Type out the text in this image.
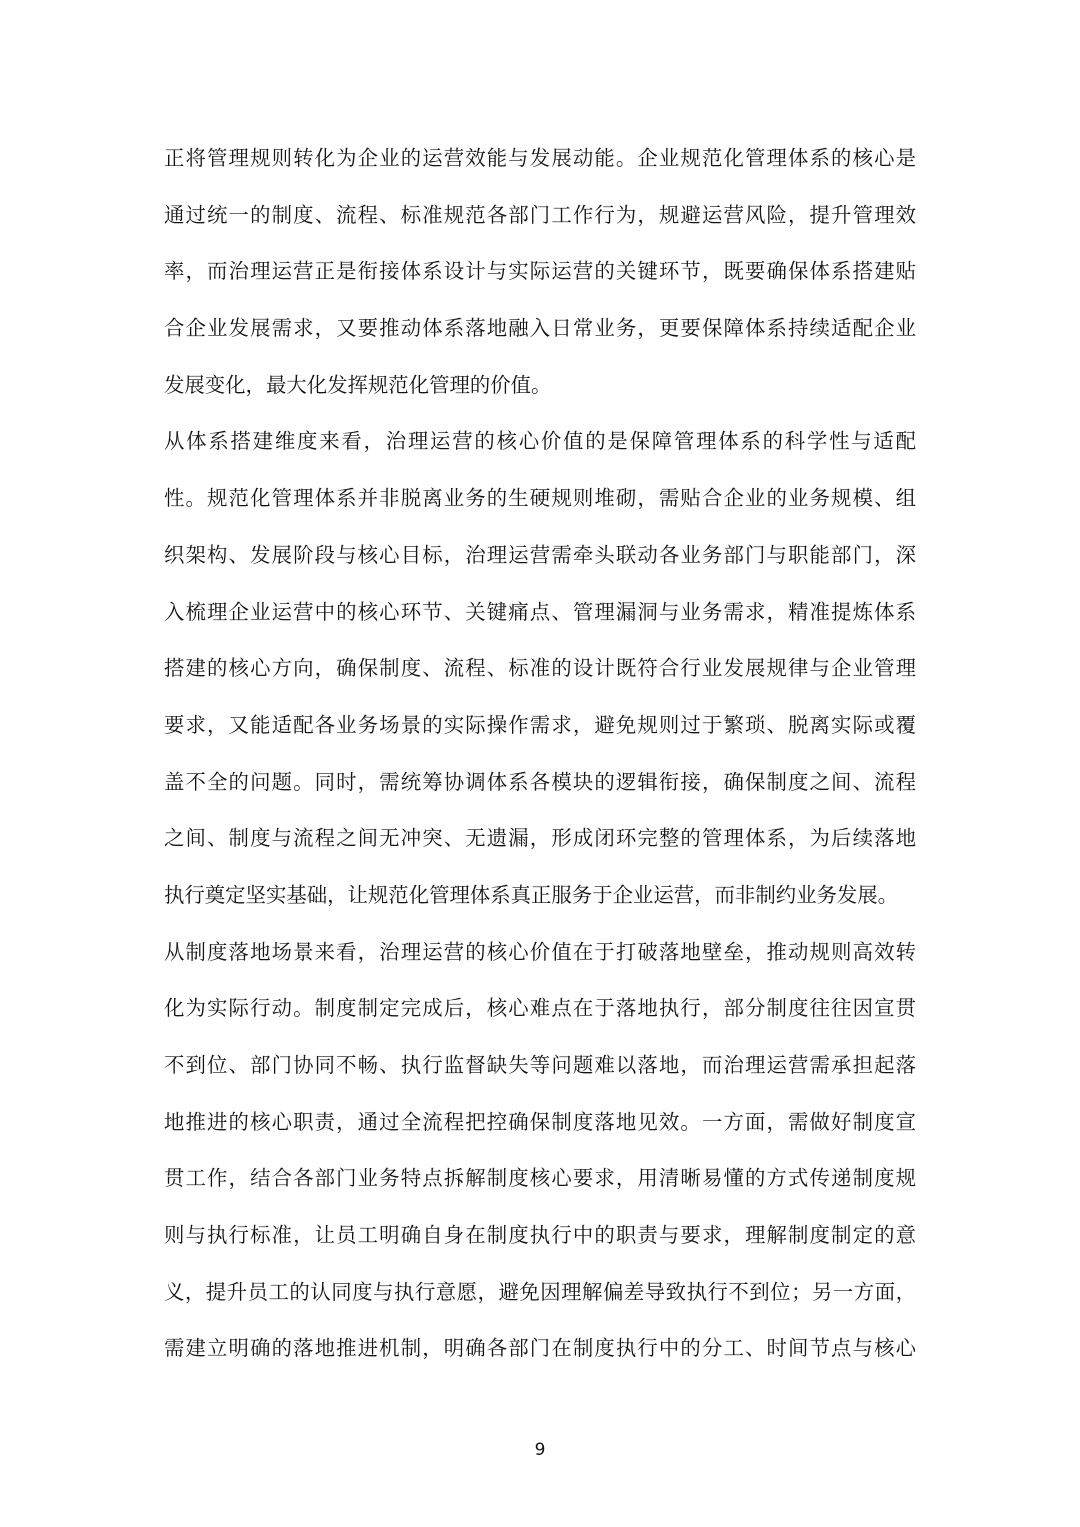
正将管理规则转化为企业的运营效能与发展动能。企业规范化管理体系的核心是
通过统一的制度、流程、标准规范各部门工作行为，规避运营风险，提升管理效
率，而治理运营正是衔接体系设计与实际运营的关键环节，既要确保体系搭建贴
合企业发展需求，又要推动体系落地融入日常业务，更要保障体系持续适配企业
发展变化，最大化发挥规范化管理的价值。
从体系搭建维度来看，治理运营的核心价值的是保障管理体系的科学性与适配
性。规范化管理体系并非脱离业务的生硬规则堆砌，需贴合企业的业务规模、组
织架构、发展阶段与核心目标，治理运营需牵头联动各业务部门与职能部门，深
入梳理企业运营中的核心环节、关键痛点、管理漏洞与业务需求，精准提炼体系
搭建的核心方向，确保制度、流程、标准的设计既符合行业发展规律与企业管理
要求，又能适配各业务场景的实际操作需求，避免规则过于繁琐、脱离实际或覆
盖不全的问题。同时，需统筹协调体系各模块的逻辑衔接，确保制度之间、流程
之间、制度与流程之间无冲突、无遗漏，形成闭环完整的管理体系，为后续落地
执行奠定坚实基础，让规范化管理体系真正服务于企业运营，而非制约业务发展。
从制度落地场景来看，治理运营的核心价值在于打破落地壁垒，推动规则高效转
化为实际行动。制度制定完成后，核心难点在于落地执行，部分制度往往因宣贯
不到位、部门协同不畅、执行监督缺失等问题难以落地，而治理运营需承担起落
地推进的核心职责，通过全流程把控确保制度落地见效。一方面，需做好制度宣
贯工作，结合各部门业务特点拆解制度核心要求，用清晰易懂的方式传递制度规
则与执行标准，让员工明确自身在制度执行中的职责与要求，理解制度制定的意
义，提升员工的认同度与执行意愿，避免因理解偏差导致执行不到位；另一方面，
需建立明确的落地推进机制，明确各部门在制度执行中的分工、时间节点与核心
9
